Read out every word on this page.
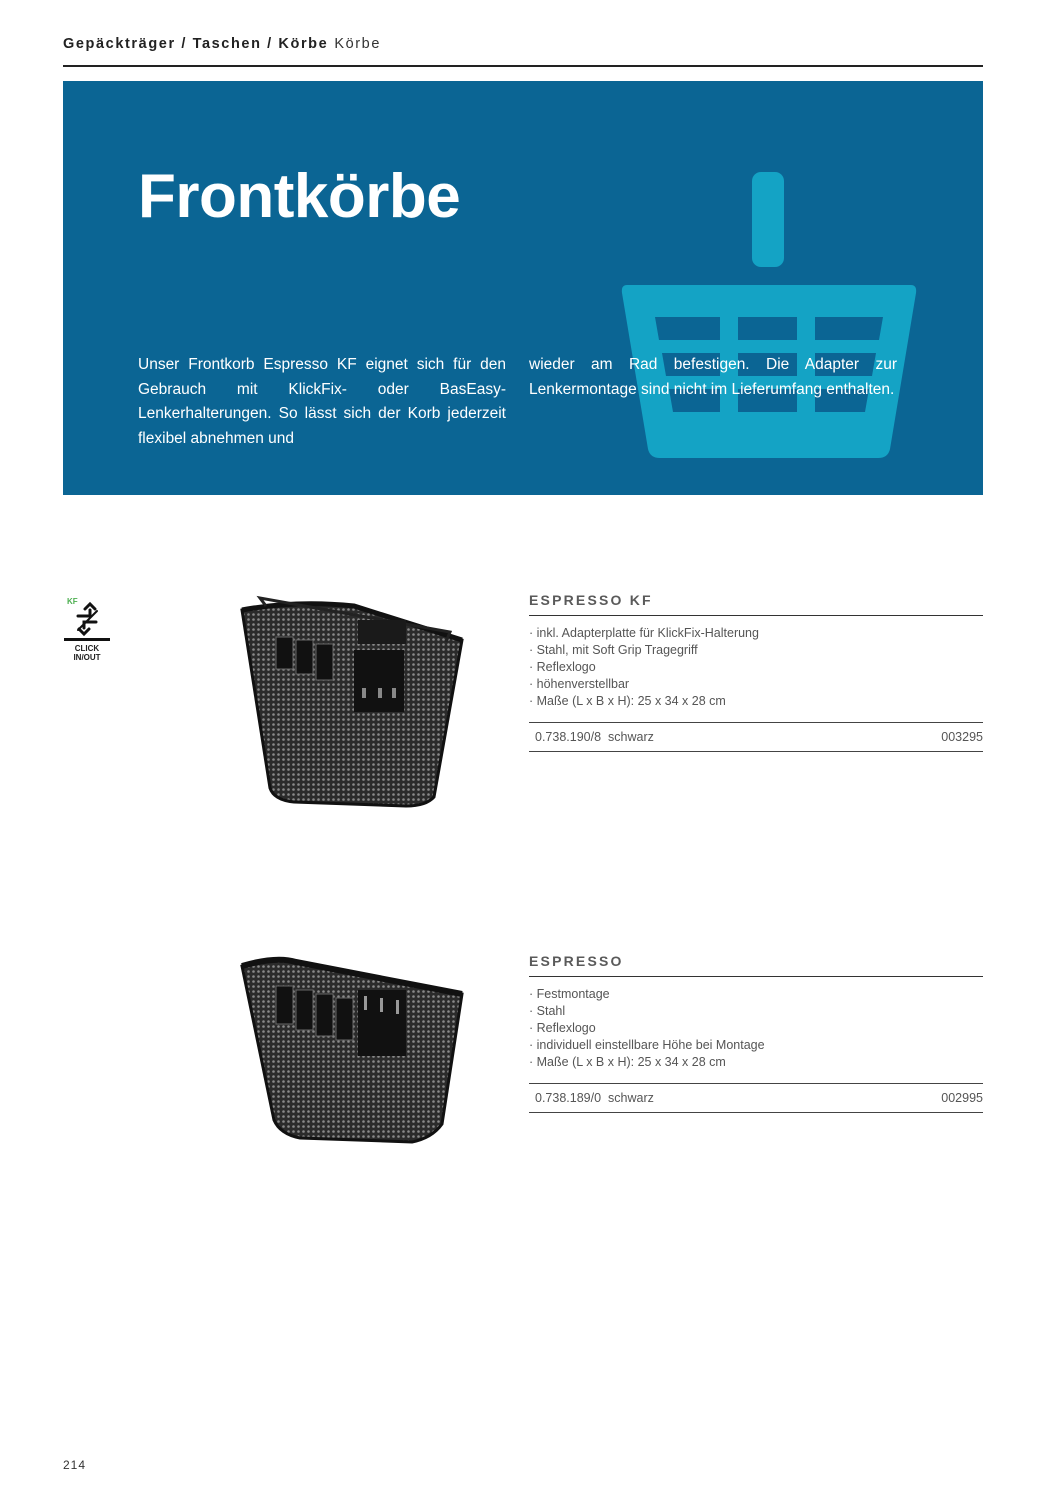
Gepäckträger / Taschen / Körbe Körbe
Frontkörbe

Unser Frontkorb Espresso KF eignet sich für den Gebrauch mit KlickFix- oder BasEasy-Lenkerhalterungen. So lässt sich der Korb jederzeit flexibel abnehmen und

wieder am Rad befestigen. Die Adapter zur Lenkermontage sind nicht im Lieferumfang enthalten.

KF
CLICK
IN/OUT
ESPRESSO KF
· inkl. Adapterplatte für KlickFix-Halterung
· Stahl, mit Soft Grip Tragegriff
· Reflexlogo
· höhenverstellbar
· Maße (L x B x H): 25 x 34 x 28 cm
0.738.190/8 schwarz	003295
ESPRESSO
· Festmontage
· Stahl
· Reflexlogo
· individuell einstellbare Höhe bei Montage
· Maße (L x B x H): 25 x 34 x 28 cm
0.738.189/0 schwarz	002995
214
